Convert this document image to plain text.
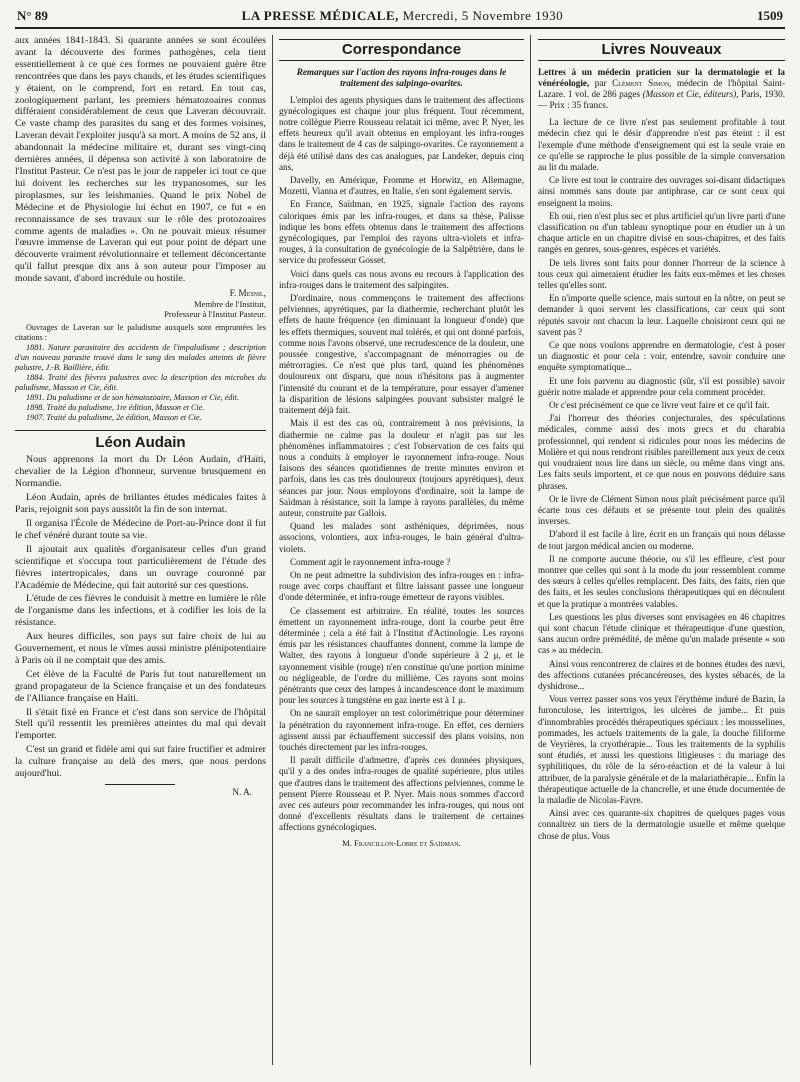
N° 89	LA PRESSE MÉDICALE, Mercredi, 5 Novembre 1930	1509

aux années 1841-1843. Si quarante années se sont écoulées avant la découverte des formes pathogènes, cela tient essentiellement à ce que ces formes ne pouvaient guère être rencontrées que dans les pays chauds, et les études scientifiques y étaient, on le comprend, fort en retard. En tout cas, zoologiquement parlant, les premiers hématozoaires connus différaient considérablement de ceux que Laveran découvrait. Ce vaste champ des parasites du sang et des formes voisines, Laveran devait l'exploiter jusqu'à sa mort. A moins de 52 ans, il abandonnait la médecine militaire et, durant ses vingt-cinq dernières années, il dépensa son activité à son laboratoire de l'Institut Pasteur. Ce n'est pas le jour de rappeler ici tout ce que lui doivent les recherches sur les trypanosomes, sur les piroplasmes, sur les leishmanies. Quand le prix Nobel de Médecine et de Physiologie lui échut en 1907, ce fut « en reconnaissance de ses travaux sur le rôle des protozoaires comme agents de maladies ». On ne pouvait mieux résumer l'œuvre immense de Laveran qui eut pour point de départ une découverte vraiment révolutionnaire et tellement déconcertante qu'il fallut presque dix ans à son auteur pour l'imposer au monde savant, d'abord incrédule ou hostile.

F. Mesnil,
Membre de l'Institut,
Professeur à l'Institut Pasteur.

Ouvrages de Laveran sur le paludisme auxquels sont empruntées les citations :

1881. Nature parasitaire des accidents de l'impaludisme ; description d'un nouveau parasite trouvé dans le sang des malades atteints de fièvre palustre, J.-B. Baillière, édit.

1884. Traité des fièvres palustres avec la description des microbes du paludisme, Masson et Cie, édit.

1891. Du paludisme et de son hématozoaire, Masson et Cie, édit.

1898. Traité du paludisme, 1re édition, Masson et Cie.

1907. Traité du paludisme, 2e édition, Masson et Cie.

Léon Audain

Nous apprenons la mort du Dr Léon Audain, d'Haïti, chevalier de la Légion d'honneur, survenue brusquement en Normandie.

Léon Audain, après de brillantes études médicales faites à Paris, rejoignit son pays aussitôt la fin de son internat.

Il organisa l'École de Médecine de Port-au-Prince dont il fut le chef vénéré durant toute sa vie.

Il ajoutait aux qualités d'organisateur celles d'un grand scientifique et s'occupa tout particulièrement de l'étude des fièvres intertropicales, dans un ouvrage couronné par l'Académie de Médecine, qui fait autorité sur ces questions.

L'étude de ces fièvres le conduisit à mettre en lumière le rôle de l'organisme dans les infections, et à codifier les lois de la résistance.

Aux heures difficiles, son pays sut faire choix de lui au Gouvernement, et nous le vîmes aussi ministre plénipotentiaire à Paris où il ne comptait que des amis.

Cet élève de la Faculté de Paris fut tout naturellement un grand propagateur de la Science française et un des fondateurs de l'Alliance française en Haïti.

Il s'était fixé en France et c'est dans son service de l'hôpital Stell qu'il ressentit les premières atteintes du mal qui devait l'emporter.

C'est un grand et fidèle ami qui sut faire fructifier et admirer la culture française au delà des mers, que nous perdons aujourd'hui.

N. A.
Correspondance
Remarques sur l'action des rayons infra-rouges dans le traitement des salpingo-ovarites.

L'emploi des agents physiques dans le traitement des affections gynécologiques est chaque jour plus fréquent. Tout récemment, notre collègue Pierre Rousseau relatait ici même, avec P. Nyer, les effets heureux qu'il avait obtenus en employant les infra-rouges dans le traitement de 4 cas de salpingo-ovarites. Ce rayonnement a déjà été utilisé dans des cas analogues, par Landeker, depuis cinq ans,

Davelly, en Amérique, Fromme et Horwitz, en Allemagne, Mozetti, Vianna et d'autres, en Italie, s'en sont également servis.

En France, Saïdman, en 1925, signale l'action des rayons caloriques émis par les infra-rouges, et dans sa thèse, Palisse indique les bons effets obtenus dans le traitement des affections gynécologiques, par l'emploi des rayons ultra-violets et infra-rouges, à la consultation de gynécologie de la Salpêtrière, dans le service du professeur Gosset.

Voici dans quels cas nous avons eu recours à l'application des infra-rouges dans le traitement des salpingites.

D'ordinaire, nous commençons le traitement des affections pelviennes, apyrétiques, par la diathermie, recherchant plutôt les effets de haute fréquence (en diminuant la longueur d'onde) que les effets thermiques, souvent mal tolérés, et qui ont donné parfois, comme nous l'avons observé, une recrudescence de la douleur, une poussée congestive, s'accompagnant de ménorragies ou de métrorragies. Ce n'est que plus tard, quand les phénomènes douloureux ont disparu, que nous n'hésitons pas à augmenter l'intensité du courant et de la température, pour essayer d'amener la disparition de lésions salpingées pouvant subsister malgré le traitement déjà fait.

Mais il est des cas où, contrairement à nos prévisions, la diathermie ne calme pas la douleur et n'agit pas sur les phénomènes inflammatoires ; c'est l'observation de ces faits qui nous a conduits à employer le rayonnement infra-rouge. Nous faisons des séances quotidiennes de trente minutes environ et parfois, dans les cas très douloureux (toujours apyrétiques), deux séances par jour. Nous employons d'ordinaire, soit la lampe de Saïdman à résistance, soit la lampe à rayons parallèles, du même auteur, construite par Gallois.

Quand les malades sont asthéniques, déprimées, nous associons, volontiers, aux infra-rouges, le bain général d'ultra-violets.

Comment agit le rayonnement infra-rouge ?

On ne peut admettre la subdivision des infra-rouges en : infra-rouge avec corps chauffant et filtre laissant passer une longueur d'onde déterminée, et infra-rouge émetteur de rayons visibles.

Ce classement est arbitraire. En réalité, toutes les sources émettent un rayonnement infra-rouge, dont la courbe peut être déterminée ; cela a été fait à l'Institut d'Actinologie. Les rayons émis par les résistances chauffantes donnent, comme la lampe de Walter, des rayons à longueur d'onde supérieure à 2 μ, et le rayonnement visible (rouge) n'en constitue qu'une portion minime ou négligeable, de l'ordre du millième. Ces rayons sont moins pénétrants que ceux des lampes à incandescence dont le maximum pour les sources à tungstène en gaz inerte est à 1 μ.

On ne saurait employer un test colorimétrique pour déterminer la pénétration du rayonnement infra-rouge. En effet, ces derniers agissent aussi par échauffement successif des plans voisins, non touchés directement par les infra-rouges.

Il paraît difficile d'admettre, d'après ces données physiques, qu'il y a des ondes infra-rouges de qualité supérieure, plus utiles que d'autres dans le traitement des affections pelviennes, comme le pensent Pierre Rousseau et P. Nyer. Mais nous sommes d'accord avec ces auteurs pour recommander les infra-rouges, qui nous ont donné d'excellents résultats dans le traitement de certaines affections gynécologiques.

M. Francillon-Lobre et Saïdman.
Livres Nouveaux

Lettres à un médecin praticien sur la dermatologie et la vénéréologie, par Clément Simon, médecin de l'hôpital Saint-Lazare. 1 vol. de 286 pages (Masson et Cie, éditeurs), Paris, 1930. — Prix : 35 francs.

La lecture de ce livre n'est pas seulement profitable à tout médecin chez qui le désir d'apprendre n'est pas éteint : il est l'exemple d'une méthode d'enseignement qui est la seule vraie en ce qu'elle se rapproche le plus possible de la simple conversation au lit du malade.

Ce livre est tout le contraire des ouvrages soi-disant didactiques ainsi nommés sans doute par antiphrase, car ce sont ceux qui enseignent la moins.

Eh oui, rien n'est plus sec et plus artificiel qu'un livre parti d'une classification ou d'un tableau synoptique pour en étudier un à un chaque article en un chapitre divisé en sous-chapitres, et des faits rangés en genres, sous-genres, espèces et variétés.

De tels livres sont faits pour donner l'horreur de la science à tous ceux qui aimeraient étudier les faits eux-mêmes et les choses telles qu'elles sont.

En n'importe quelle science, mais surtout en la nôtre, on peut se demander à quoi servent les classifications, car ceux qui sont réputés savoir ont chacun la leur. Laquelle choisiront ceux qui ne savent pas ?

Ce que nous voulons apprendre en dermatologie, c'est à poser un diagnostic et pour cela : voir, entendre, savoir conduire une enquête symptomatique...

Et une fois parvenu au diagnostic (sûr, s'il est possible) savoir guérir notre malade et apprendre pour cela comment procéder.

Or c'est précisément ce que ce livre veut faire et ce qu'il fait.

J'ai l'horreur des théories conjecturales, des spéculations médicales, comme aussi des mots grecs et du charabia professionnel, qui rendent si ridicules pour nous les médecins de Molière et qui nous rendront risibles pareillement aux yeux de ceux qui voudraient nous lire dans un siècle, ou même dans vingt ans. Les faits seuls importent, et ce que nous en pouvons déduire sans phrases.

Or le livre de Clément Simon nous plaît précisément parce qu'il écarte tous ces défauts et se présente tout plein des qualités inverses.

D'abord il est facile à lire, écrit en un français qui nous délasse de tout jargon médical ancien ou moderne.

Il ne comporte aucune théorie, ou s'il les effleure, c'est pour montrer que celles qui sont à la mode du jour ressemblent comme des sœurs à celles qu'elles remplacent. Des faits, des faits, rien que des faits, et les seules conclusions thérapeutiques qui en découlent et que la pratique a montrées valables.

Les questions les plus diverses sont envisagées en 46 chapitres qui sont chacun l'étude clinique et thérapeutique d'une question, sans aucun ordre prémédité, de même qu'un malade présente « son cas » au médecin.

Ainsi vous rencontrerez de claires et de bonnes études des nævi, des affections cutanées précancéreuses, des kystes sébacés, de la dyshidrose...

Vous verrez passer sous vos yeux l'érythème induré de Bazin, la furonculose, les intertrigos, les ulcères de jambe... Et puis d'innombrables procédés thérapeutiques spéciaux : les mousselines, pommades, les actuels traitements de la gale, la douche filiforme de Veyrières, la cryothérapie... Tous les traitements de la syphilis sont étudiés, et aussi les questions litigieuses : du mariage des syphilitiques, du rôle de la séro-réaction et de la valeur à lui attribuer, de la paralysie générale et de la malariathérapie... Enfin la thérapeutique actuelle de la chancrelle, et une étude documentée de la maladie de Nicolas-Favre.

Ainsi avec ces quarante-six chapitres de quelques pages vous connaîtrez un tiers de la dermatologie usuelle et même quelque chose de plus. Vous
